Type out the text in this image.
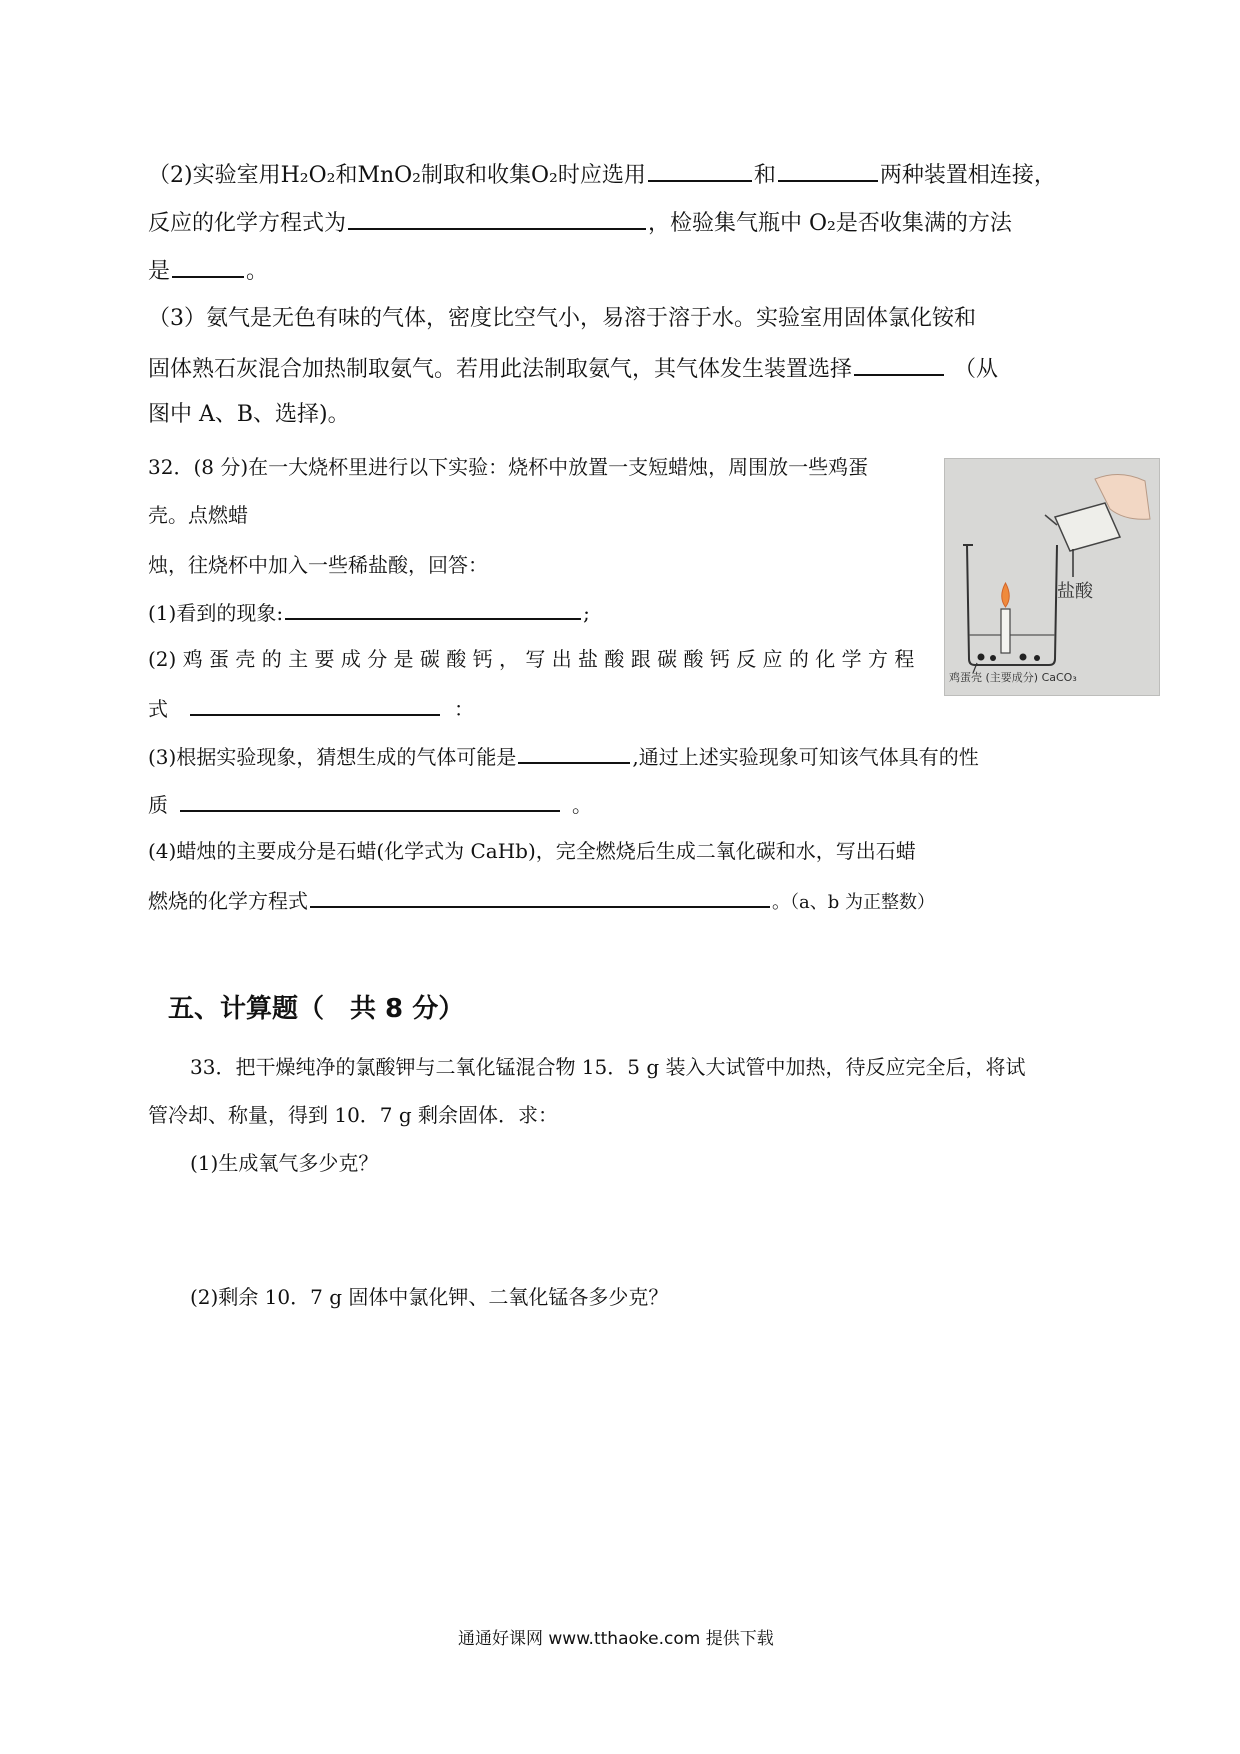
（2)实验室用H₂O₂和MnO₂制取和收集O₂时应选用	和	两种装置相连接，
反应的化学方程式为	，检验集气瓶中 O₂是否收集满的方法
是	。
（3）氨气是无色有味的气体，密度比空气小，易溶于溶于水。实验室用固体氯化铵和
固体熟石灰混合加热制取氨气。若用此法制取氨气，其气体发生装置选择	（从
图中 A、B、选择)。
32．(8 分)在一大烧杯里进行以下实验：烧杯中放置一支短蜡烛，周围放一些鸡蛋
壳。点燃蜡
烛，往烧杯中加入一些稀盐酸，回答：
(1)看到的现象:	;
(2) 鸡 蛋 壳 的 主 要 成 分 是 碳 酸 钙 ， 写 出 盐 酸 跟 碳 酸 钙 反 应 的 化 学 方 程
式	：
(3)根据实验现象，猜想生成的气体可能是	,通过上述实验现象可知该气体具有的性
质	。
(4)蜡烛的主要成分是石蜡(化学式为 CaHb)，完全燃烧后生成二氧化碳和水，写出石蜡
燃烧的化学方程式	。（a、b 为正整数）
盐酸
鸡蛋壳 (主要成分) CaCO₃
五、计算题（　共 8 分）
33．把干燥纯净的氯酸钾与二氧化锰混合物 15．5 g 装入大试管中加热，待反应完全后，将试
管冷却、称量，得到 10．7 g 剩余固体．求：
(1)生成氧气多少克？
(2)剩余 10．7 g 固体中氯化钾、二氧化锰各多少克？
通通好课网 www.tthaoke.com 提供下载
